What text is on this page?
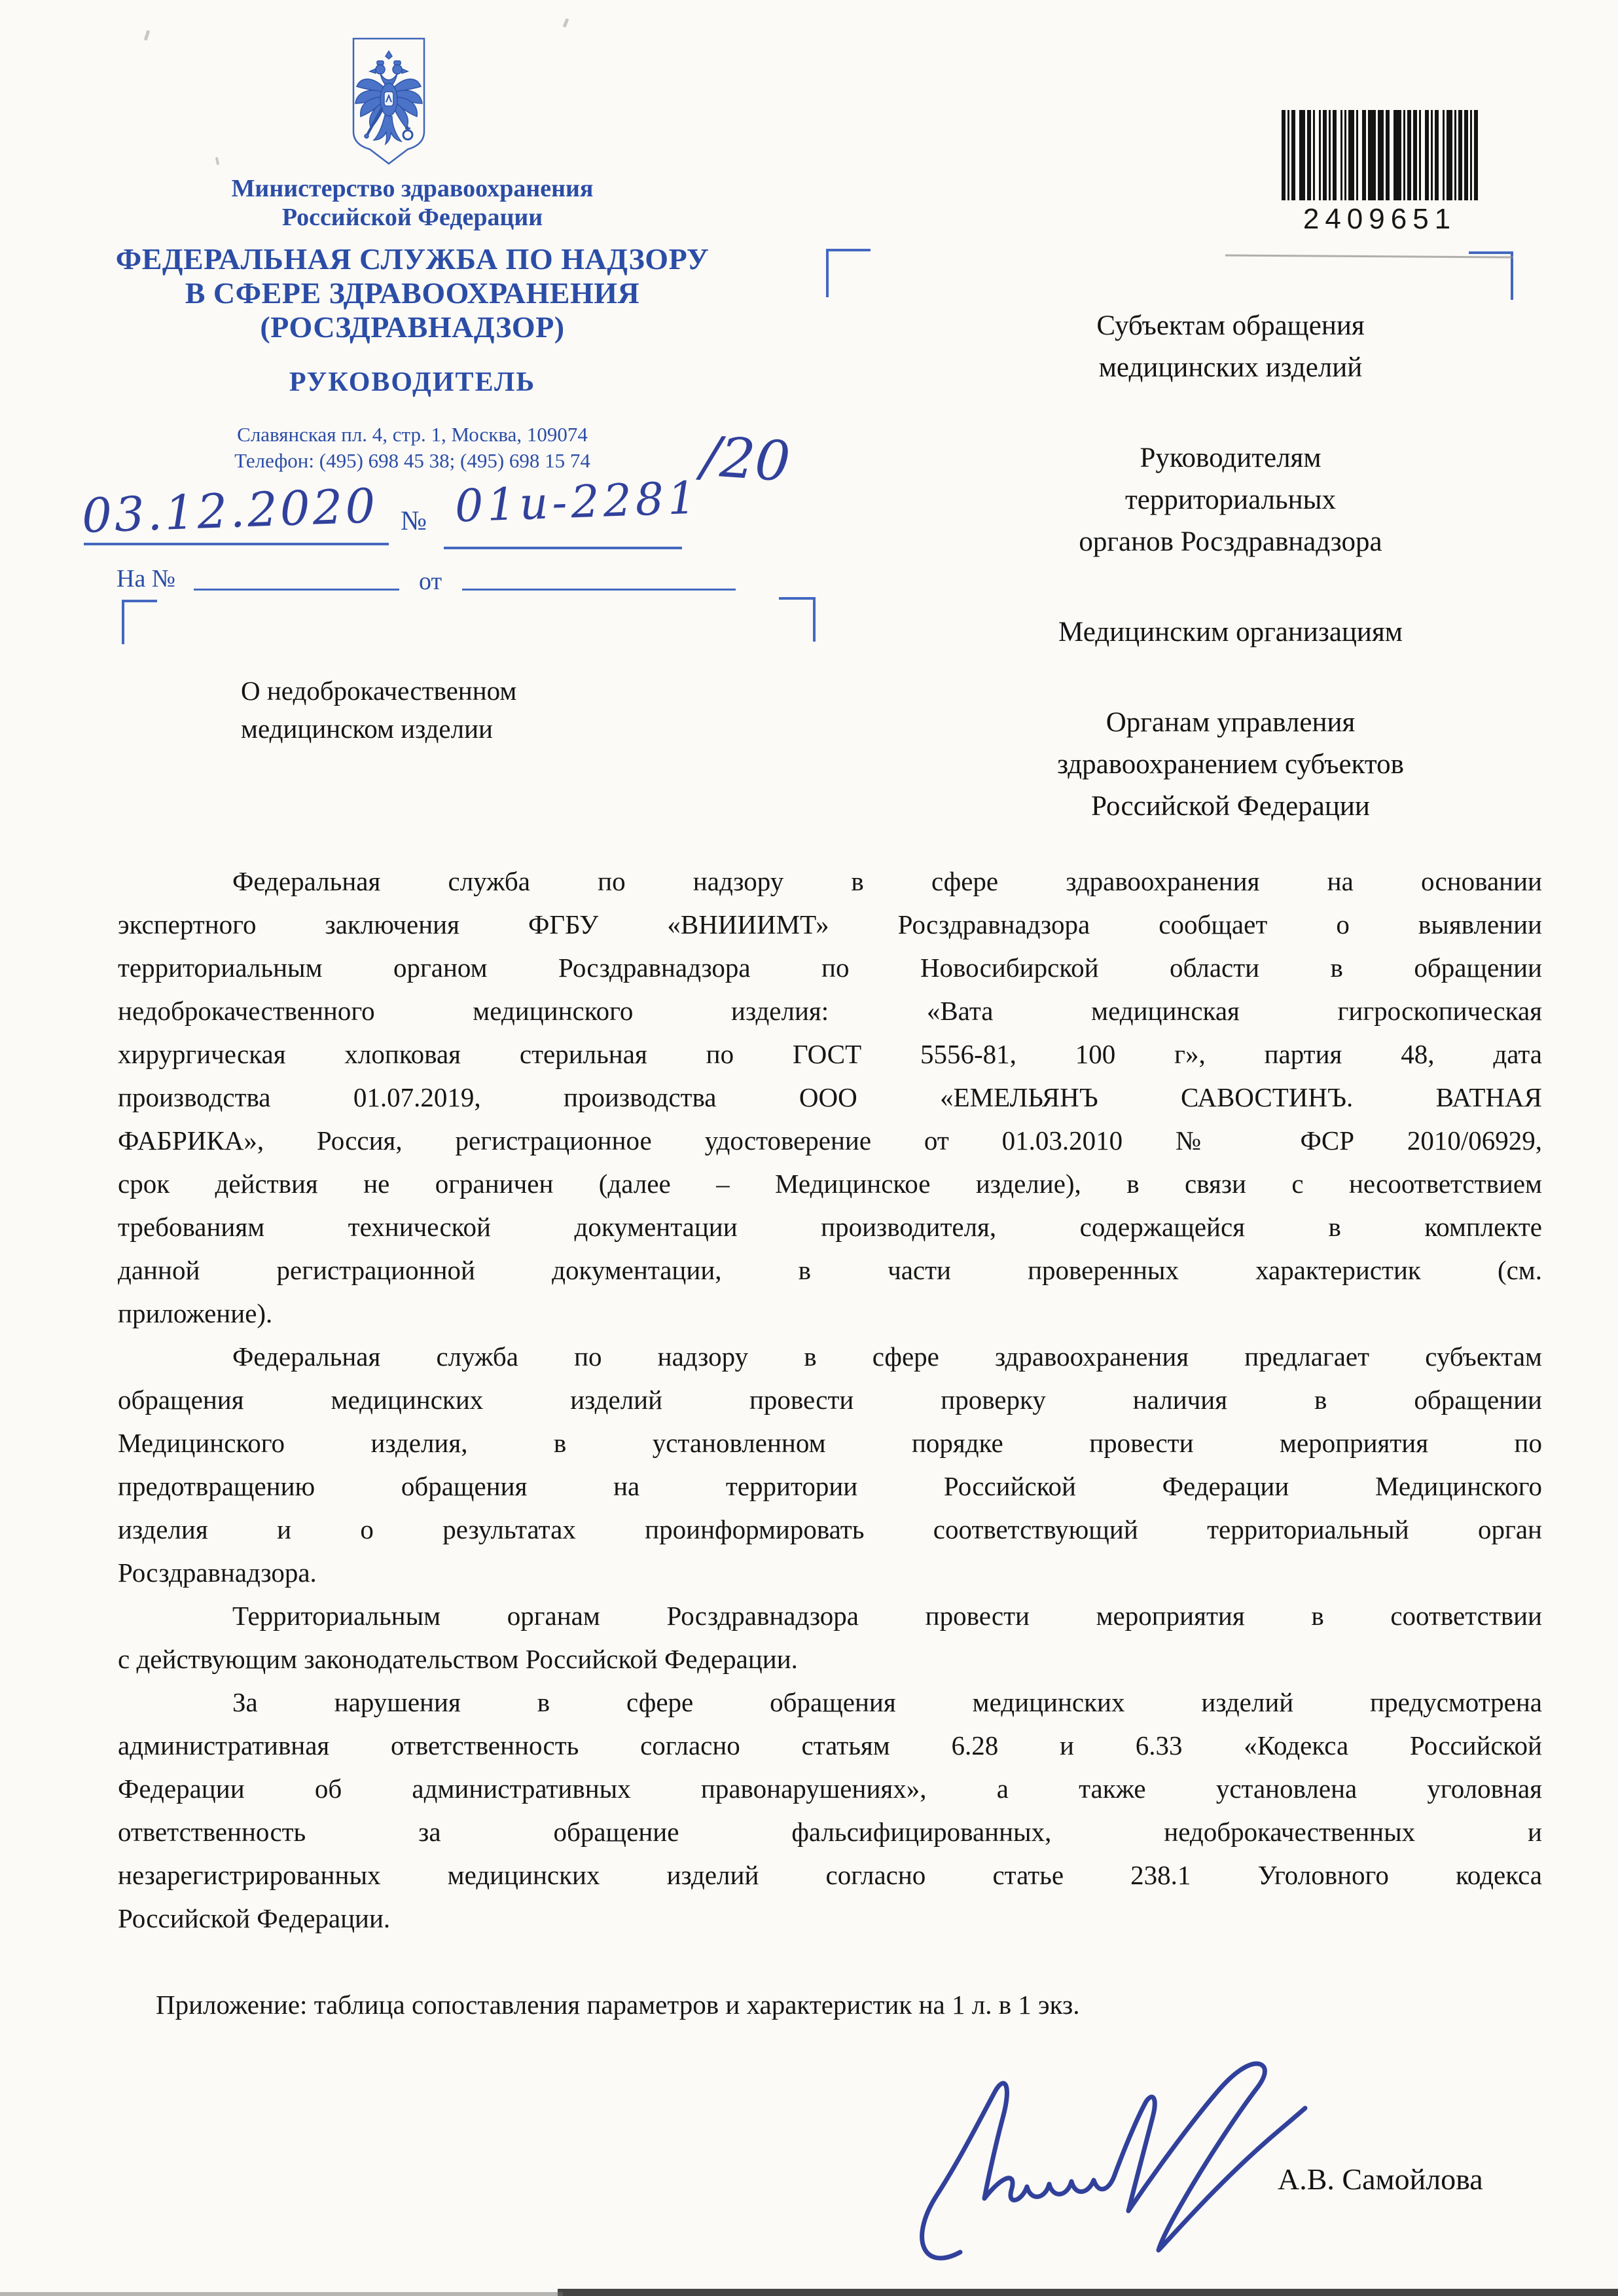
Министерство здравоохранения
Российской Федерации
ФЕДЕРАЛЬНАЯ СЛУЖБА ПО НАДЗОРУ
В СФЕРЕ ЗДРАВООХРАНЕНИЯ
(РОСЗДРАВНАДЗОР)
РУКОВОДИТЕЛЬ
Славянская пл. 4, стр. 1, Москва, 109074
Телефон: (495) 698 45 38; (495) 698 15 74
03.12.2020 № 01и-2281
/20
На №	от
2409651
Субъектам обращения
медицинских изделий
Руководителям
территориальных
органов Росздравнадзора
Медицинским организациям
Органам управления
здравоохранением субъектов
Российской Федерации
О недоброкачественном
медицинском изделии
Федеральная служба по надзору в сфере здравоохранения на основании
экспертного заключения ФГБУ «ВНИИИМТ» Росздравнадзора сообщает о выявлении
территориальным органом Росздравнадзора по Новосибирской области в обращении
недоброкачественного медицинского изделия: «Вата медицинская гигроскопическая
хирургическая хлопковая стерильная по ГОСТ 5556-81, 100 г», партия 48, дата
производства 01.07.2019, производства ООО «ЕМЕЛЬЯНЪ САВОСТИНЪ. ВАТНАЯ
ФАБРИКА», Россия, регистрационное удостоверение от 01.03.2010 № ФСР 2010/06929,
срок действия не ограничен (далее – Медицинское изделие), в связи с несоответствием
требованиям технической документации производителя, содержащейся в комплекте
данной регистрационной документации, в части проверенных характеристик (см.
приложение).
Федеральная служба по надзору в сфере здравоохранения предлагает субъектам
обращения медицинских изделий провести проверку наличия в обращении
Медицинского изделия, в установленном порядке провести мероприятия по
предотвращению обращения на территории Российской Федерации Медицинского
изделия и о результатах проинформировать соответствующий территориальный орган
Росздравнадзора.
Территориальным органам Росздравнадзора провести мероприятия в соответствии
с действующим законодательством Российской Федерации.
За нарушения в сфере обращения медицинских изделий предусмотрена
административная ответственность согласно статьям 6.28 и 6.33 «Кодекса Российской
Федерации об административных правонарушениях», а также установлена уголовная
ответственность за обращение фальсифицированных, недоброкачественных и
незарегистрированных медицинских изделий согласно статье 238.1 Уголовного кодекса
Российской Федерации.
Приложение: таблица сопоставления параметров и характеристик на 1 л. в 1 экз.
А.В. Самойлова
